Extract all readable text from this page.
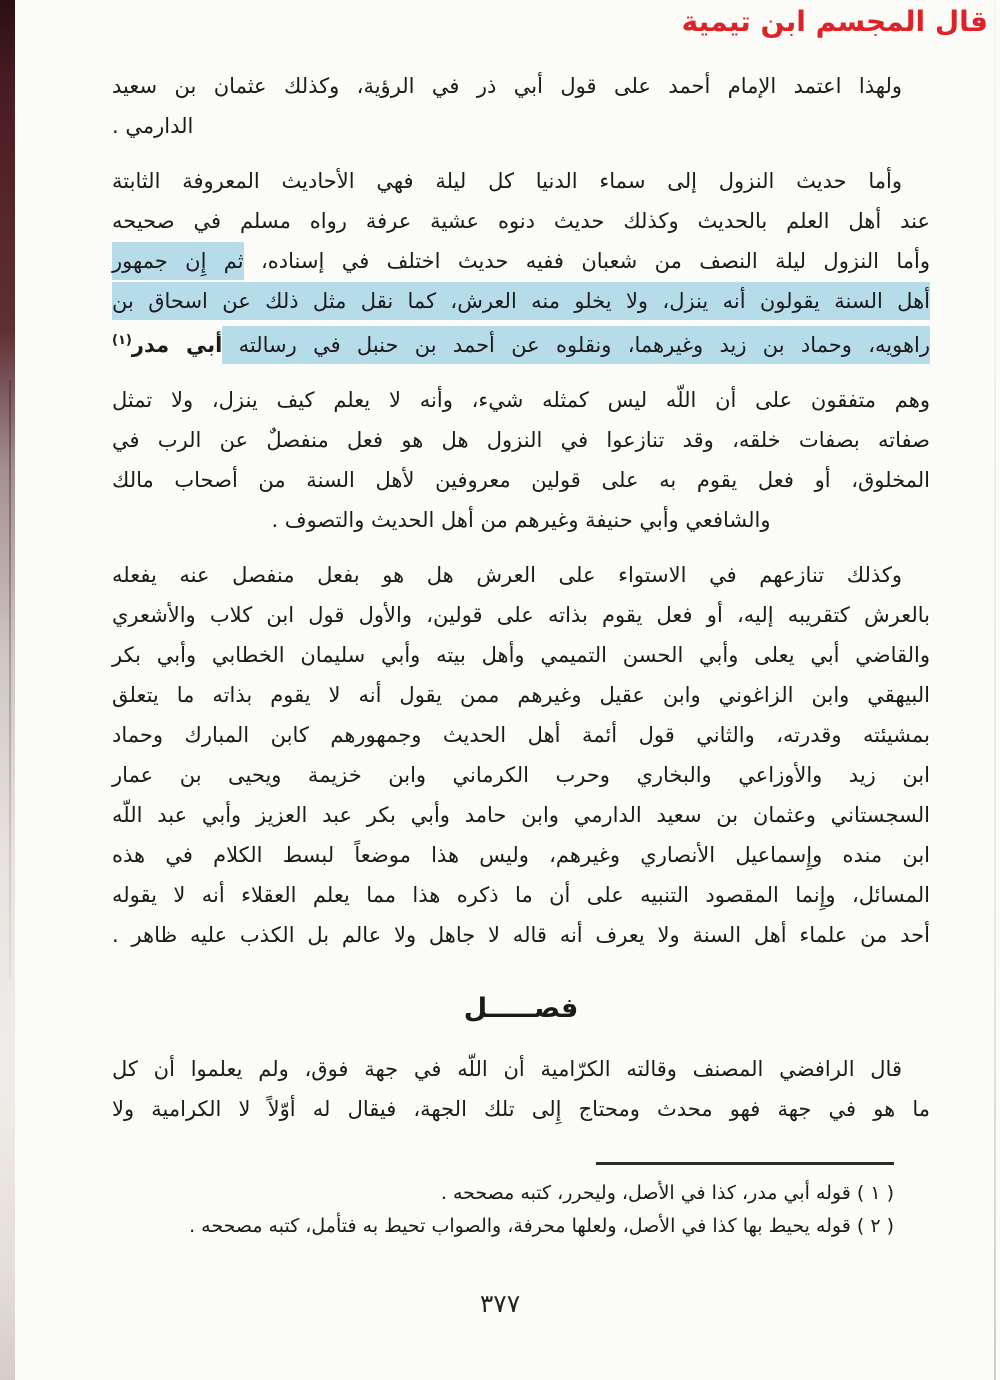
قال المجسم ابن تيمية
ولهذا اعتمد الإمام أحمد على قول أبي ذر في الرؤية، وكذلك عثمان بن سعيد
الدارمي .
وأما حديث النزول إلى سماء الدنيا كل ليلة فهي الأحاديث المعروفة الثابتة
عند أهل العلم بالحديث وكذلك حديث دنوه عشية عرفة رواه مسلم في صحيحه
وأما النزول ليلة النصف من شعبان ففيه حديث اختلف في إسناده، ثم إِن جمهور
أهل السنة يقولون أنه ينزل، ولا يخلو منه العرش، كما نقل مثل ذلك عن اسحاق بن
راهويه، وحماد بن زيد وغيرهما، ونقلوه عن أحمد بن حنبل في رسالته أبي مدر$^{(١)}$
وهم متفقون على أن اللّه ليس كمثله شيء، وأنه لا يعلم كيف ينزل، ولا تمثل
صفاته بصفات خلقه، وقد تنازعوا في النزول هل هو فعل منفصلٌ عن الرب في
المخلوق، أو فعل يقوم به على قولين معروفين لأهل السنة من أصحاب مالك
والشافعي وأبي حنيفة وغيرهم من أهل الحديث والتصوف .
وكذلك تنازعهم في الاستواء على العرش هل هو بفعل منفصل عنه يفعله
بالعرش كتقريبه إليه، أو فعل يقوم بذاته على قولين، والأول قول ابن كلاب والأشعري
والقاضي أبي يعلى وأبي الحسن التميمي وأهل بيته وأبي سليمان الخطابي وأبي بكر
البيهقي وابن الزاغوني وابن عقيل وغيرهم ممن يقول أنه لا يقوم بذاته ما يتعلق
بمشيئته وقدرته، والثاني قول أئمة أهل الحديث وجمهورهم كابن المبارك وحماد
ابن زيد والأوزاعي والبخاري وحرب الكرماني وابن خزيمة ويحيى بن عمار
السجستاني وعثمان بن سعيد الدارمي وابن حامد وأبي بكر عبد العزيز وأبي عبد اللّه
ابن منده وإِسماعيل الأنصاري وغيرهم، وليس هذا موضعاً لبسط الكلام في هذه
المسائل، وإِنما المقصود التنبيه على أن ما ذكره هذا مما يعلم العقلاء أنه لا يقوله
أحد من علماء أهل السنة ولا يعرف أنه قاله لا جاهل ولا عالم بل الكذب عليه ظاهر .
فصـــــل
قال الرافضي المصنف وقالته الكرّامية أن اللّه في جهة فوق، ولم يعلموا أن كل
ما هو في جهة فهو محدث ومحتاج إِلى تلك الجهة، فيقال له أوّلاً لا الكرامية ولا
( ١ ) قوله أبي مدر، كذا في الأصل، وليحرر، كتبه مصححه .
( ٢ ) قوله يحيط بها كذا في الأصل، ولعلها محرفة، والصواب تحيط به فتأمل، كتبه مصححه .
٣٧٧
